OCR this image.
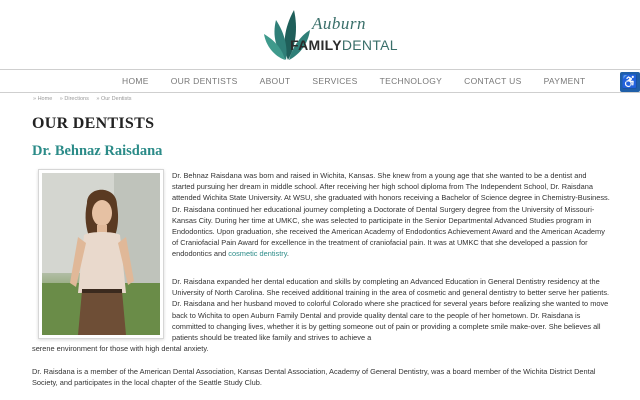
Auburn
FAMILYDENTAL
HOME	OUR DENTISTS	ABOUT	SERVICES	TECHNOLOGY	CONTACT US	PAYMENT	♿
» Home » Directions » Our Dentists
OUR DENTISTS
Dr. Behnaz Raisdana

Dr. Behnaz Raisdana was born and raised in Wichita, Kansas. She knew from a young age that she wanted to be a dentist and started pursuing her dream in middle school. After receiving her high school diploma from The Independent School, Dr. Raisdana attended Wichita State University. At WSU, she graduated with honors receiving a Bachelor of Science degree in Chemistry-Business. Dr. Raisdana continued her educational journey completing a Doctorate of Dental Surgery degree from the University of Missouri-Kansas City. During her time at UMKC, she was selected to participate in the Senior Departmental Advanced Studies program in Endodontics. Upon graduation, she received the American Academy of Endodontics Achievement Award and the American Academy of Craniofacial Pain Award for excellence in the treatment of craniofacial pain. It was at UMKC that she developed a passion for endodontics and cosmetic dentistry.

Dr. Raisdana expanded her dental education and skills by completing an Advanced Education in General Dentistry residency at the University of North Carolina. She received additional training in the area of cosmetic and general dentistry to better serve her patients. Dr. Raisdana and her husband moved to colorful Colorado where she practiced for several years before realizing she wanted to move back to Wichita to open Auburn Family Dental and provide quality dental care to the people of her hometown. Dr. Raisdana is committed to changing lives, whether it is by getting someone out of pain or providing a complete smile make-over. She believes all patients should be treated like family and strives to achieve a
serene environment for those with high dental anxiety.

Dr. Raisdana is a member of the American Dental Association, Kansas Dental Association, Academy of General Dentistry, was a board member of the Wichita District Dental Society, and participates in the local chapter of the Seattle Study Club.
